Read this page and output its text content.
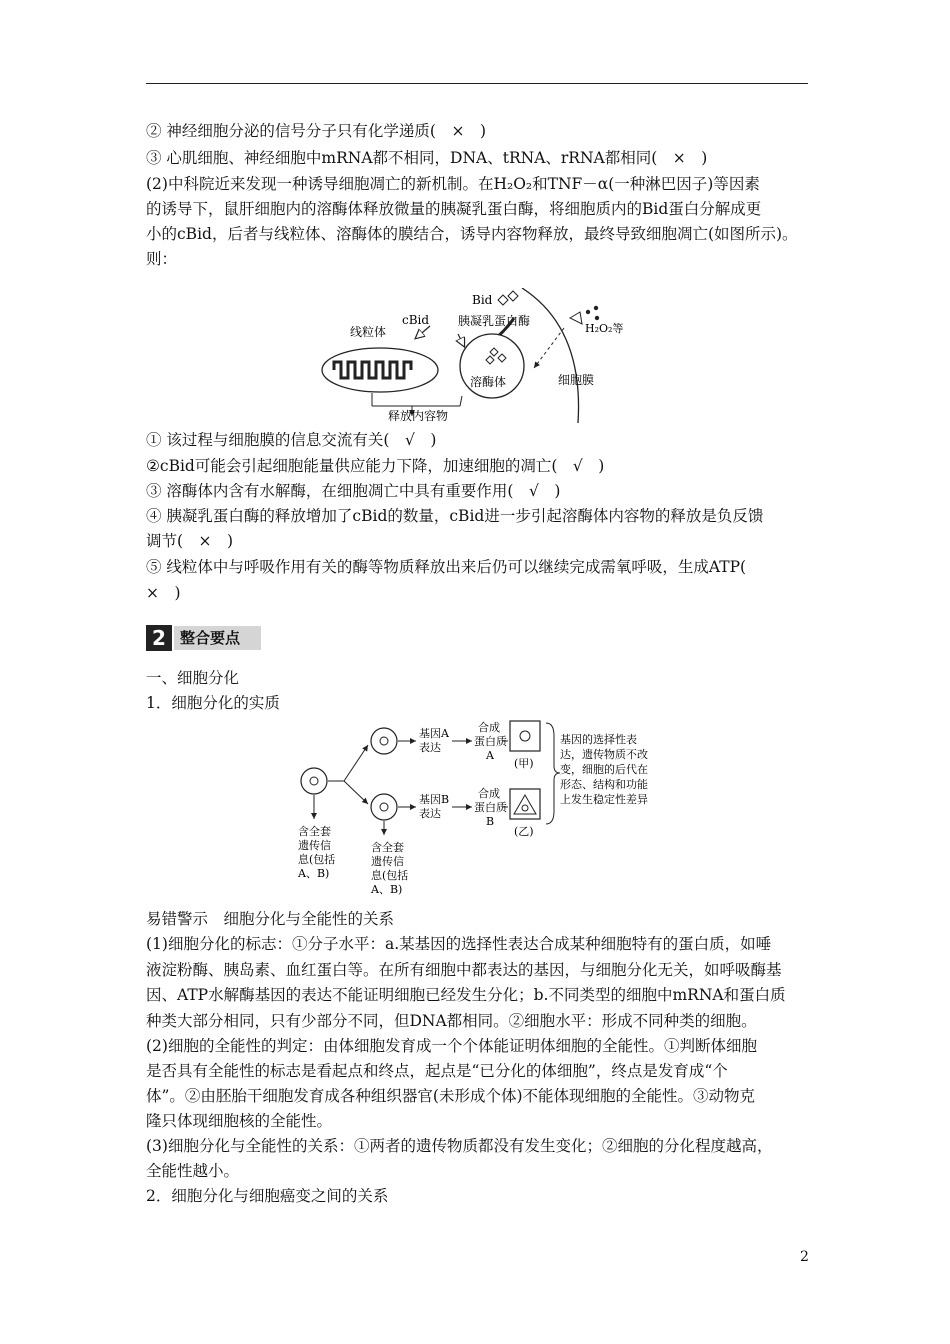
② 神经细胞分泌的信号分子只有化学递质(　×　)
③ 心肌细胞、神经细胞中mRNA都不相同，DNA、tRNA、rRNA都相同(　×　)
(2)中科院近来发现一种诱导细胞凋亡的新机制。在H₂O₂和TNF－α(一种淋巴因子)等因素
的诱导下，鼠肝细胞内的溶酶体释放微量的胰凝乳蛋白酶，将细胞质内的Bid蛋白分解成更
小的cBid，后者与线粒体、溶酶体的膜结合，诱导内容物释放，最终导致细胞凋亡(如图所示)。
则：
H₂O₂等
细胞膜
Bid
胰凝乳蛋白酶
cBid
线粒体
溶酶体
释放内容物
① 该过程与细胞膜的信息交流有关(　√　)
②cBid可能会引起细胞能量供应能力下降，加速细胞的凋亡(　√　)
③ 溶酶体内含有水解酶，在细胞凋亡中具有重要作用(　√　)
④ 胰凝乳蛋白酶的释放增加了cBid的数量，cBid进一步引起溶酶体内容物的释放是负反馈
调节(　×　)
⑤ 线粒体中与呼吸作用有关的酶等物质释放出来后仍可以继续完成需氧呼吸，生成ATP(
×　)
2 整合要点
一、细胞分化
1．细胞分化的实质
含全套 遗传信 息(包括 A、B)
含全套 遗传信 息(包括 A、B)
基因A 表达
基因B 表达
合成 蛋白质 A
合成 蛋白质 B
(甲)
(乙)
基因的选择性表 达，遗传物质不改 变，细胞的后代在 形态、结构和功能 上发生稳定性差异
易错警示　细胞分化与全能性的关系
(1)细胞分化的标志：①分子水平：a.某基因的选择性表达合成某种细胞特有的蛋白质，如唾
液淀粉酶、胰岛素、血红蛋白等。在所有细胞中都表达的基因，与细胞分化无关，如呼吸酶基
因、ATP水解酶基因的表达不能证明细胞已经发生分化；b.不同类型的细胞中mRNA和蛋白质
种类大部分相同，只有少部分不同，但DNA都相同。②细胞水平：形成不同种类的细胞。
(2)细胞的全能性的判定：由体细胞发育成一个个体能证明体细胞的全能性。①判断体细胞
是否具有全能性的标志是看起点和终点，起点是“已分化的体细胞”，终点是发育成“个
体”。②由胚胎干细胞发育成各种组织器官(未形成个体)不能体现细胞的全能性。③动物克
隆只体现细胞核的全能性。
(3)细胞分化与全能性的关系：①两者的遗传物质都没有发生变化；②细胞的分化程度越高，
全能性越小。
2．细胞分化与细胞癌变之间的关系
2
